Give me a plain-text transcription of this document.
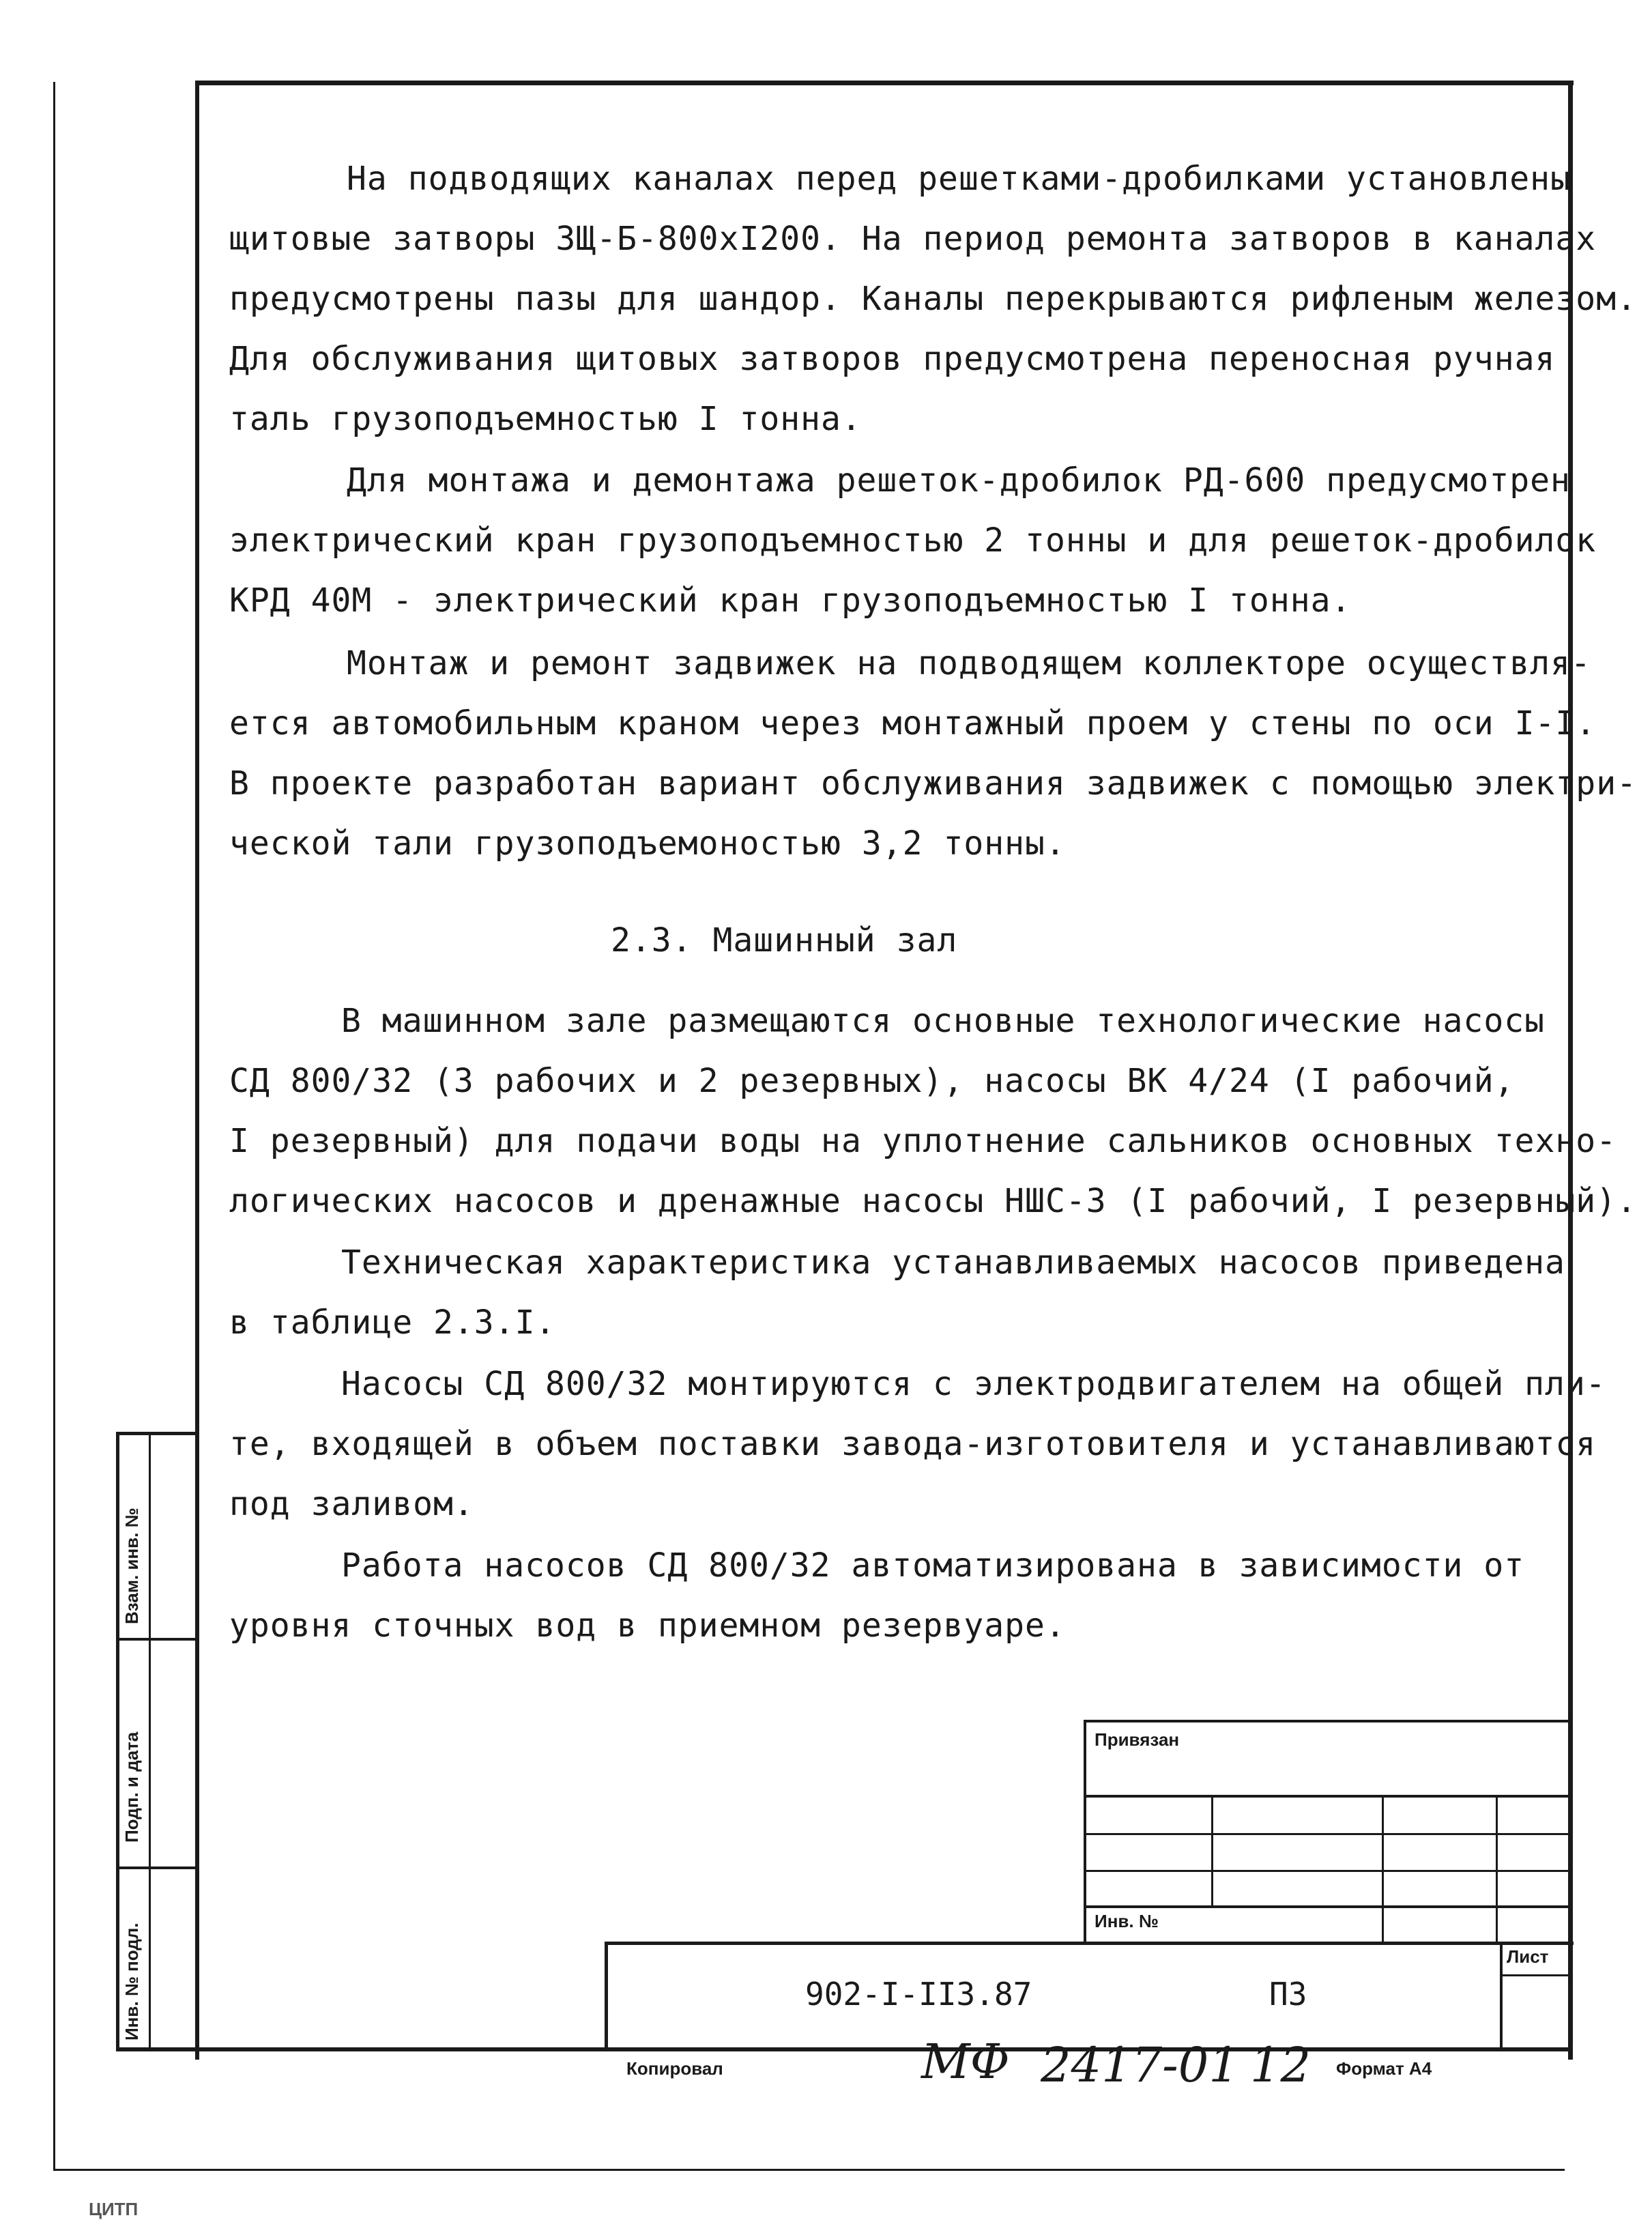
Взам. инв. №
Подп. и дата
Инв. № подл.
На подводящих каналах перед решетками-дробилками установлены
щитовые затворы ЗЩ-Б-800xI200. На период ремонта затворов в каналах
предусмотрены пазы для шандор. Каналы перекрываются рифленым железом.
Для обслуживания щитовых затворов предусмотрена переносная ручная
таль грузоподъемностью I тонна.
Для монтажа и демонтажа решеток-дробилок РД-600 предусмотрен
электрический кран грузоподъемностью 2 тонны и для решеток-дробилок
КРД 40М - электрический кран грузоподъемностью I тонна.
Монтаж и ремонт задвижек на подводящем коллекторе осуществля-
ется автомобильным краном через монтажный проем у стены по оси I-I.
В проекте разработан вариант обслуживания задвижек с помощью электри-
ческой тали грузоподъемоностью 3,2 тонны.
2.3. Машинный зал
В машинном зале размещаются основные технологические насосы
СД 800/32 (3 рабочих и 2 резервных), насосы ВК 4/24 (I рабочий,
I резервный) для подачи воды на уплотнение сальников основных техно-
логических насосов и дренажные насосы НШС-3 (I рабочий, I резервный).
Техническая характеристика устанавливаемых насосов приведена
в таблице 2.3.I.
Насосы СД 800/32 монтируются с электродвигателем на общей пли-
те, входящей в объем поставки завода-изготовителя и устанавливаются
под заливом.
Работа насосов СД 800/32 автоматизирована в зависимости от
уровня сточных вод в приемном резервуаре.
Привязан
Инв. №
902-I-II3.87	ПЗ
Лист
Копировал	МФ 2417-01 12 Формат А4
ЦИТП
